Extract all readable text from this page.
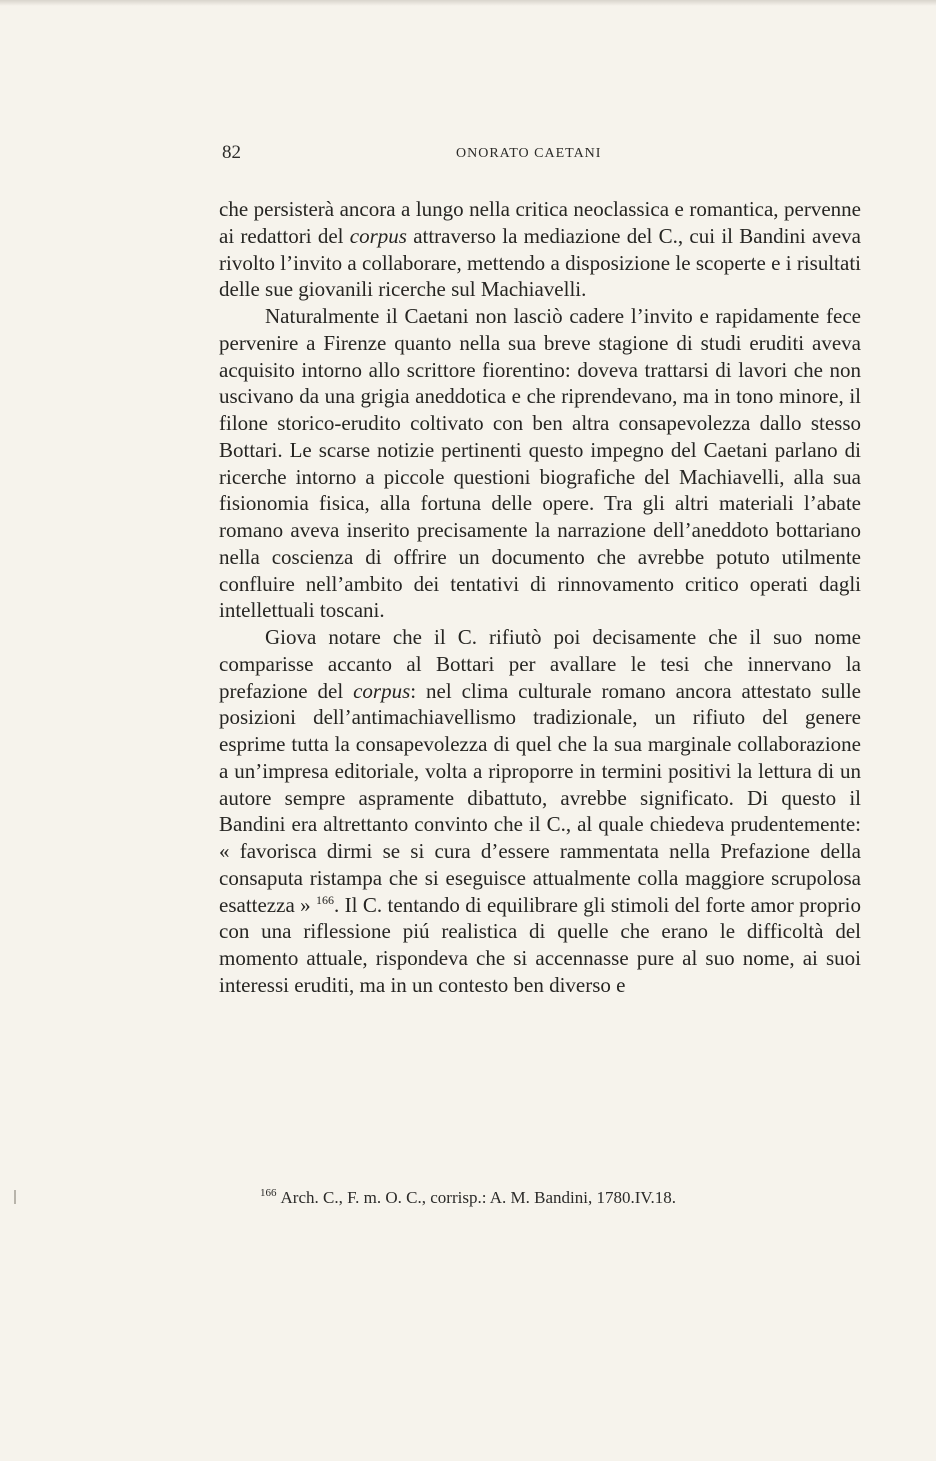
82	ONORATO CAETANI

che persisterà ancora a lungo nella critica neoclassica e romantica, pervenne ai redattori del corpus attraverso la mediazione del C., cui il Bandini aveva rivolto l’invito a collaborare, mettendo a disposizione le scoperte e i risultati delle sue giovanili ricerche sul Machiavelli.

Naturalmente il Caetani non lasciò cadere l’invito e rapidamente fece pervenire a Firenze quanto nella sua breve stagione di studi eruditi aveva acquisito intorno allo scrittore fiorentino: doveva trattarsi di lavori che non uscivano da una grigia aneddotica e che riprendevano, ma in tono minore, il filone storico-erudito coltivato con ben altra consapevolezza dallo stesso Bottari. Le scarse notizie pertinenti questo impegno del Caetani parlano di ricerche intorno a piccole questioni biografiche del Machiavelli, alla sua fisionomia fisica, alla fortuna delle opere. Tra gli altri materiali l’abate romano aveva inserito precisamente la narrazione dell’aneddoto bottariano nella coscienza di offrire un documento che avrebbe potuto utilmente confluire nell’ambito dei tentativi di rinnovamento critico operati dagli intellettuali toscani.

Giova notare che il C. rifiutò poi decisamente che il suo nome comparisse accanto al Bottari per avallare le tesi che innervano la prefazione del corpus: nel clima culturale romano ancora attestato sulle posizioni dell’antimachiavellismo tradizionale, un rifiuto del genere esprime tutta la consapevolezza di quel che la sua marginale collaborazione a un’impresa editoriale, volta a riproporre in termini positivi la lettura di un autore sempre aspramente dibattuto, avrebbe significato. Di questo il Bandini era altrettanto convinto che il C., al quale chiedeva prudentemente: « favorisca dirmi se si cura d’essere rammentata nella Prefazione della consaputa ristampa che si eseguisce attualmente colla maggiore scrupolosa esattezza » $^{166}$. Il C. tentando di equilibrare gli stimoli del forte amor proprio con una riflessione piú realistica di quelle che erano le difficoltà del momento attuale, rispondeva che si accennasse pure al suo nome, ai suoi interessi eruditi, ma in un contesto ben diverso e

$^{166}$ Arch. C., F. m. O. C., corrisp.: A. M. Bandini, 1780.IV.18.
